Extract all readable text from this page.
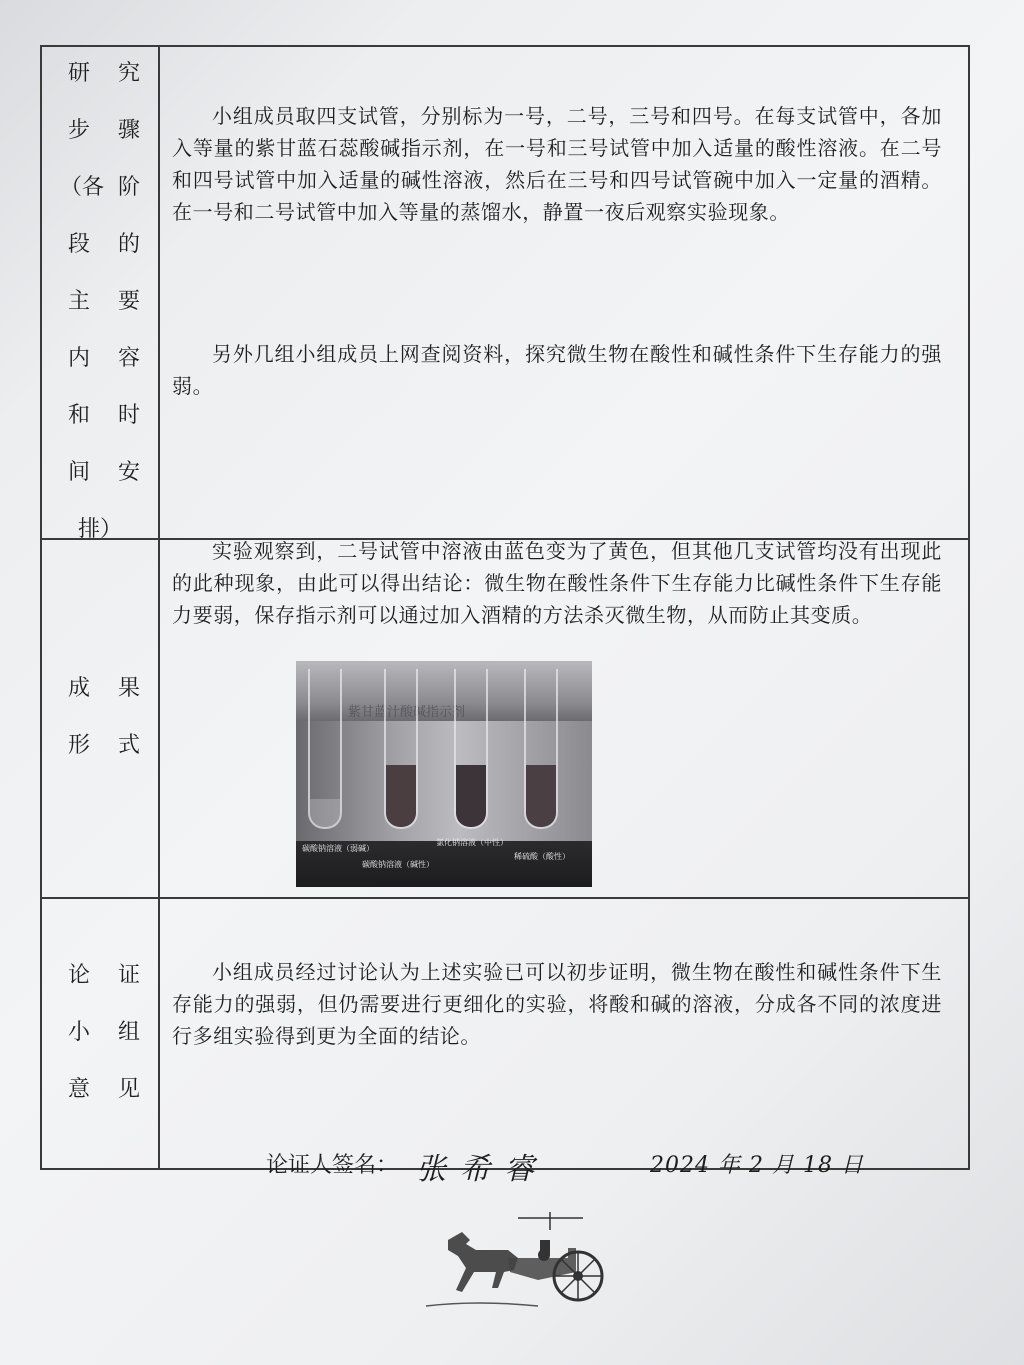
研 究
步 骤
（各 阶
段 的
主 要
内 容
和 时
间 安
排）

小组成员取四支试管，分别标为一号，二号，三号和四号。在每支试管中，各加入等量的紫甘蓝石蕊酸碱指示剂，在一号和三号试管中加入适量的酸性溶液。在二号和四号试管中加入适量的碱性溶液，然后在三号和四号试管碗中加入一定量的酒精。在一号和二号试管中加入等量的蒸馏水，静置一夜后观察实验现象。

另外几组小组成员上网查阅资料，探究微生物在酸性和碱性条件下生存能力的强弱。

成 果
形 式

实验观察到，二号试管中溶液由蓝色变为了黄色，但其他几支试管均没有出现此的此种现象，由此可以得出结论：微生物在酸性条件下生存能力比碱性条件下生存能力要弱，保存指示剂可以通过加入酒精的方法杀灭微生物，从而防止其变质。

紫甘蓝汁酸碱指示剂
碳酸钠溶液（弱碱）
氯化钠溶液（中性）
稀硫酸（酸性）
碳酸钠溶液（碱性）
论 证
小 组
意 见

小组成员经过讨论认为上述实验已可以初步证明，微生物在酸性和碱性条件下生存能力的强弱，但仍需要进行更细化的实验，将酸和碱的溶液，分成各不同的浓度进行多组实验得到更为全面的结论。

论证人签名： 张希睿	2024 年 2 月 18 日
